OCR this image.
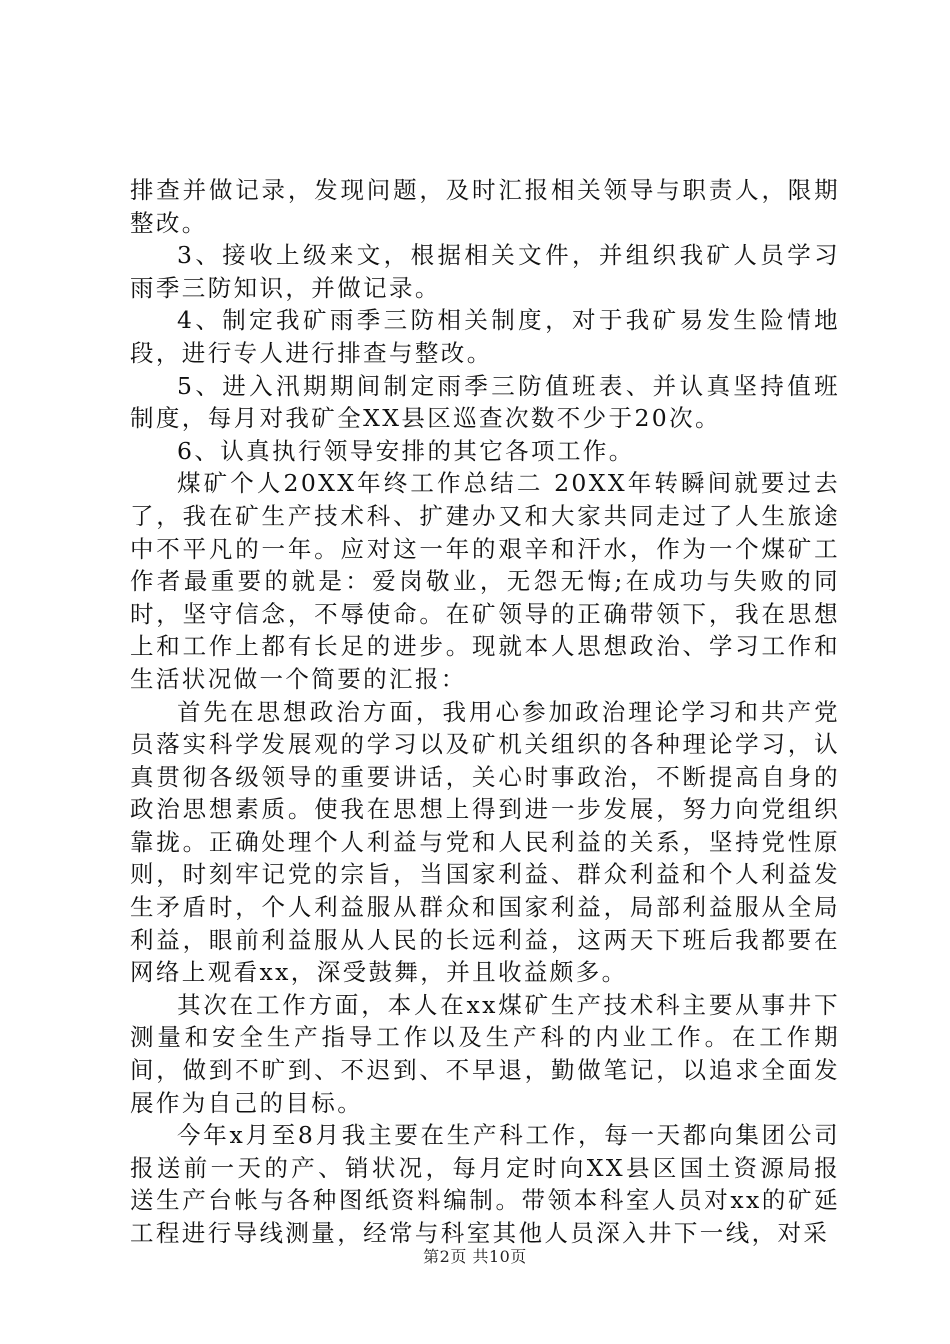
排查并做记录，发现问题，及时汇报相关领导与职责人，限期整改。

3、接收上级来文，根据相关文件，并组织我矿人员学习雨季三防知识，并做记录。

4、制定我矿雨季三防相关制度，对于我矿易发生险情地段，进行专人进行排查与整改。

5、进入汛期期间制定雨季三防值班表、并认真坚持值班制度，每月对我矿全XX县区巡查次数不少于20次。

6、认真执行领导安排的其它各项工作。

煤矿个人20XX年终工作总结二 20XX年转瞬间就要过去了，我在矿生产技术科、扩建办又和大家共同走过了人生旅途中不平凡的一年。应对这一年的艰辛和汗水，作为一个煤矿工作者最重要的就是：爱岗敬业，无怨无悔;在成功与失败的同时，坚守信念，不辱使命。在矿领导的正确带领下，我在思想上和工作上都有长足的进步。现就本人思想政治、学习工作和生活状况做一个简要的汇报：

首先在思想政治方面，我用心参加政治理论学习和共产党员落实科学发展观的学习以及矿机关组织的各种理论学习，认真贯彻各级领导的重要讲话，关心时事政治，不断提高自身的政治思想素质。使我在思想上得到进一步发展，努力向党组织靠拢。正确处理个人利益与党和人民利益的关系，坚持党性原则，时刻牢记党的宗旨，当国家利益、群众利益和个人利益发生矛盾时，个人利益服从群众和国家利益，局部利益服从全局利益，眼前利益服从人民的长远利益，这两天下班后我都要在网络上观看xx，深受鼓舞，并且收益颇多。

其次在工作方面，本人在xx煤矿生产技术科主要从事井下测量和安全生产指导工作以及生产科的内业工作。在工作期间，做到不旷到、不迟到、不早退，勤做笔记，以追求全面发展作为自己的目标。

今年x月至8月我主要在生产科工作，每一天都向集团公司报送前一天的产、销状况，每月定时向XX县区国土资源局报送生产台帐与各种图纸资料编制。带领本科室人员对xx的矿延工程进行导线测量，经常与科室其他人员深入井下一线，对采

第2页 共10页
